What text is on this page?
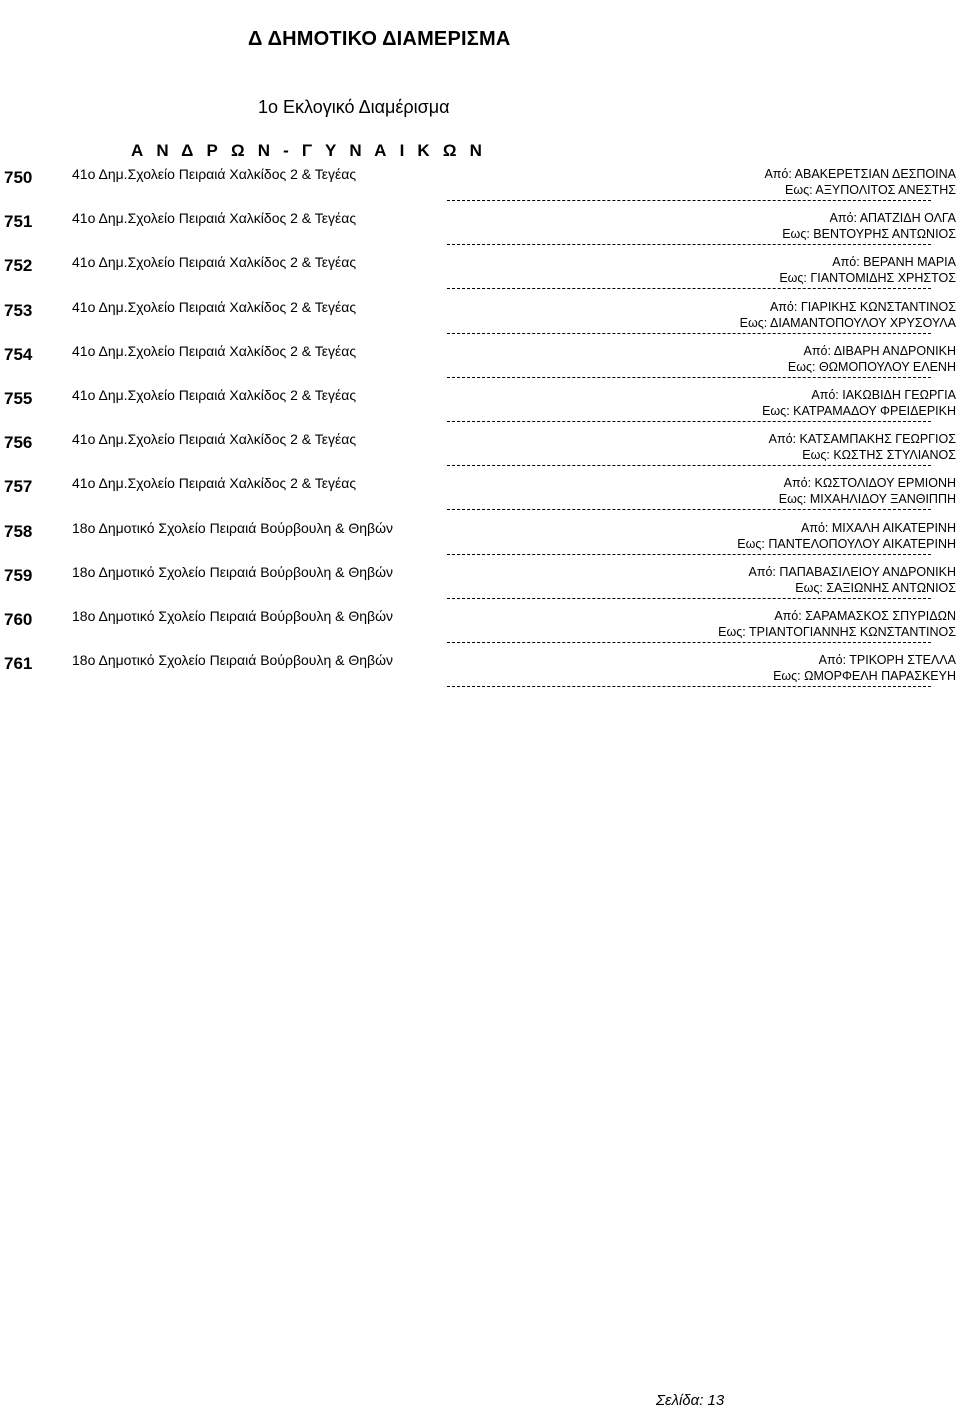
Δ ΔΗΜΟΤΙΚΟ ΔΙΑΜΕΡΙΣΜΑ
1ο Εκλογικό Διαμέρισμα
Α Ν Δ Ρ Ω Ν - Γ Υ Ν Α Ι Κ Ω Ν
750	41ο Δημ.Σχολείο Πειραιά Χαλκίδος 2 & Τεγέας	Από: ΑΒΑΚΕΡΕΤΣΙΑΝ ΔΕΣΠΟΙΝΑ
Εως: ΑΞΥΠΟΛΙΤΟΣ ΑΝΕΣΤΗΣ
751	41ο Δημ.Σχολείο Πειραιά Χαλκίδος 2 & Τεγέας	Από: ΑΠΑΤΖΙΔΗ ΟΛΓΑ
Εως: ΒΕΝΤΟΥΡΗΣ ΑΝΤΩΝΙΟΣ
752	41ο Δημ.Σχολείο Πειραιά Χαλκίδος 2 & Τεγέας	Από: ΒΕΡΑΝΗ ΜΑΡΙΑ
Εως: ΓΙΑΝΤΟΜΙΔΗΣ ΧΡΗΣΤΟΣ
753	41ο Δημ.Σχολείο Πειραιά Χαλκίδος 2 & Τεγέας	Από: ΓΙΑΡΙΚΗΣ ΚΩΝΣΤΑΝΤΙΝΟΣ
Εως: ΔΙΑΜΑΝΤΟΠΟΥΛΟΥ ΧΡΥΣΟΥΛΑ
754	41ο Δημ.Σχολείο Πειραιά Χαλκίδος 2 & Τεγέας	Από: ΔΙΒΑΡΗ ΑΝΔΡΟΝΙΚΗ
Εως: ΘΩΜΟΠΟΥΛΟΥ ΕΛΕΝΗ
755	41ο Δημ.Σχολείο Πειραιά Χαλκίδος 2 & Τεγέας	Από: ΙΑΚΩΒΙΔΗ ΓΕΩΡΓΙΑ
Εως: ΚΑΤΡΑΜΑΔΟΥ ΦΡΕΙΔΕΡΙΚΗ
756	41ο Δημ.Σχολείο Πειραιά Χαλκίδος 2 & Τεγέας	Από: ΚΑΤΣΑΜΠΑΚΗΣ ΓΕΩΡΓΙΟΣ
Εως: ΚΩΣΤΗΣ ΣΤΥΛΙΑΝΟΣ
757	41ο Δημ.Σχολείο Πειραιά Χαλκίδος 2 & Τεγέας	Από: ΚΩΣΤΟΛΙΔΟΥ ΕΡΜΙΟΝΗ
Εως: ΜΙΧΑΗΛΙΔΟΥ ΞΑΝΘΙΠΠΗ
758	18ο Δημοτικό Σχολείο Πειραιά Βούρβουλη & Θηβών	Από: ΜΙΧΑΛΗ ΑΙΚΑΤΕΡΙΝΗ
Εως: ΠΑΝΤΕΛΟΠΟΥΛΟΥ ΑΙΚΑΤΕΡΙΝΗ
759	18ο Δημοτικό Σχολείο Πειραιά Βούρβουλη & Θηβών	Από: ΠΑΠΑΒΑΣΙΛΕΙΟΥ ΑΝΔΡΟΝΙΚΗ
Εως: ΣΑΞΙΩΝΗΣ ΑΝΤΩΝΙΟΣ
760	18ο Δημοτικό Σχολείο Πειραιά Βούρβουλη & Θηβών	Από: ΣΑΡΑΜΑΣΚΟΣ ΣΠΥΡΙΔΩΝ
Εως: ΤΡΙΑΝΤΟΓΙΑΝΝΗΣ ΚΩΝΣΤΑΝΤΙΝΟΣ
761	18ο Δημοτικό Σχολείο Πειραιά Βούρβουλη & Θηβών	Από: ΤΡΙΚΟΡΗ ΣΤΕΛΛΑ
Εως: ΩΜΟΡΦΕΛΗ ΠΑΡΑΣΚΕΥΗ
Σελίδα: 13
